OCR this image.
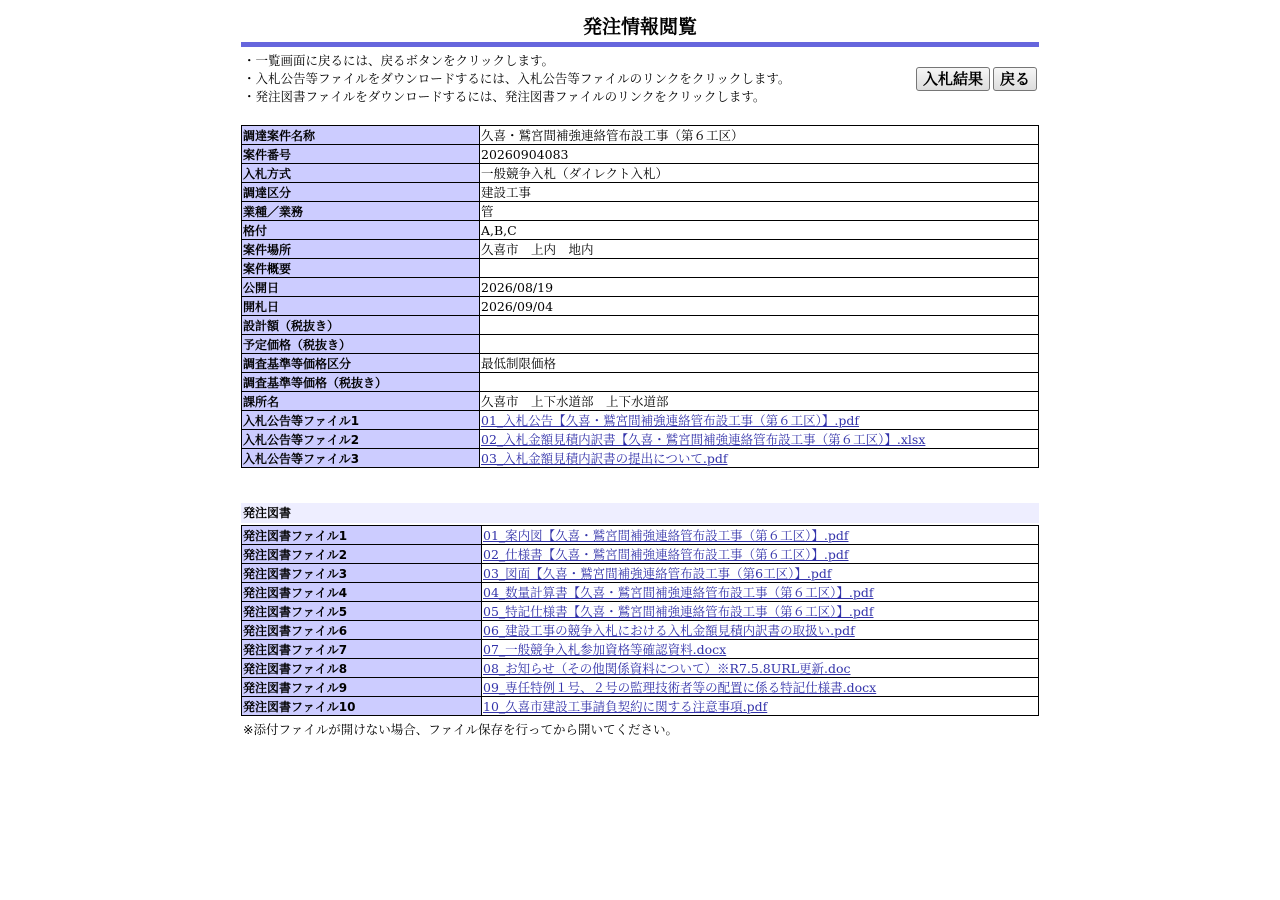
発注情報閲覧
・一覧画面に戻るには、戻るボタンをクリックします。
・入札公告等ファイルをダウンロードするには、入札公告等ファイルのリンクをクリックします。
・発注図書ファイルをダウンロードするには、発注図書ファイルのリンクをクリックします。
入札結果	戻る
調達案件名称	久喜・鷲宮間補強連絡管布設工事（第６工区）
案件番号	20260904083
入札方式	一般競争入札（ダイレクト入札）
調達区分	建設工事
業種／業務	管
格付	A,B,C
案件場所	久喜市　上内　地内
案件概要	
公開日	2026/08/19
開札日	2026/09/04
設計額（税抜き）	
予定価格（税抜き）	
調査基準等価格区分	最低制限価格
調査基準等価格（税抜き）	
課所名	久喜市　上下水道部　上下水道部
入札公告等ファイル1	01_入札公告【久喜・鷲宮間補強連絡管布設工事（第６工区）】.pdf
入札公告等ファイル2	02_入札金額見積内訳書【久喜・鷲宮間補強連絡管布設工事（第６工区）】.xlsx
入札公告等ファイル3	03_入札金額見積内訳書の提出について.pdf
発注図書
発注図書ファイル1	01_案内図【久喜・鷲宮間補強連絡管布設工事（第６工区）】.pdf
発注図書ファイル2	02_仕様書【久喜・鷲宮間補強連絡管布設工事（第６工区）】.pdf
発注図書ファイル3	03_図面【久喜・鷲宮間補強連絡管布設工事（第6工区）】.pdf
発注図書ファイル4	04_数量計算書【久喜・鷲宮間補強連絡管布設工事（第６工区）】.pdf
発注図書ファイル5	05_特記仕様書【久喜・鷲宮間補強連絡管布設工事（第６工区）】.pdf
発注図書ファイル6	06_建設工事の競争入札における入札金額見積内訳書の取扱い.pdf
発注図書ファイル7	07_一般競争入札参加資格等確認資料.docx
発注図書ファイル8	08_お知らせ（その他関係資料について）※R7.5.8URL更新.doc
発注図書ファイル9	09_専任特例１号、２号の監理技術者等の配置に係る特記仕様書.docx
発注図書ファイル10	10_久喜市建設工事請負契約に関する注意事項.pdf
※添付ファイルが開けない場合、ファイル保存を行ってから開いてください。
